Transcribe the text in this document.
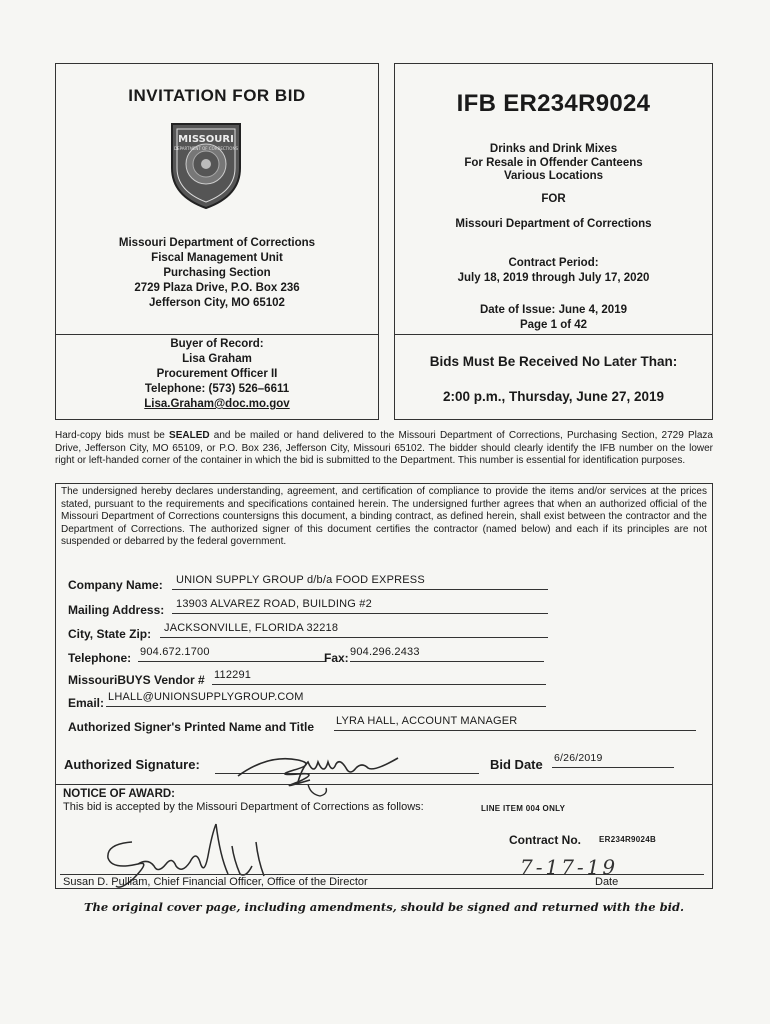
INVITATION FOR BID
MISSOURI
DEPARTMENT OF CORRECTIONS
Missouri Department of Corrections
Fiscal Management Unit
Purchasing Section
2729 Plaza Drive, P.O. Box 236
Jefferson City, MO 65102
Buyer of Record:
Lisa Graham
Procurement Officer II
Telephone: (573) 526–6611
Lisa.Graham@doc.mo.gov
IFB ER234R9024
Drinks and Drink Mixes
For Resale in Offender Canteens
Various Locations
FOR
Missouri Department of Corrections
Contract Period:
July 18, 2019 through July 17, 2020
Date of Issue: June 4, 2019
Page 1 of 42
Bids Must Be Received No Later Than:
2:00 p.m., Thursday, June 27, 2019
Hard-copy bids must be SEALED and be mailed or hand delivered to the Missouri Department of Corrections, Purchasing Section, 2729 Plaza Drive, Jefferson City, MO 65109, or P.O. Box 236, Jefferson City, Missouri 65102. The bidder should clearly identify the IFB number on the lower right or left-handed corner of the container in which the bid is submitted to the Department. This number is essential for identification purposes.
The undersigned hereby declares understanding, agreement, and certification of compliance to provide the items and/or services at the prices stated, pursuant to the requirements and specifications contained herein. The undersigned further agrees that when an authorized official of the Missouri Department of Corrections countersigns this document, a binding contract, as defined herein, shall exist between the contractor and the Department of Corrections. The authorized signer of this document certifies the contractor (named below) and each if its principles are not suspended or debarred by the federal government.
Company Name:	UNION SUPPLY GROUP d/b/a FOOD EXPRESS
Mailing Address:	13903 ALVAREZ ROAD, BUILDING #2
City, State Zip:	JACKSONVILLE, FLORIDA 32218
Telephone: 904.672.1700	Fax: 904.296.2433
MissouriBUYS Vendor # 112291
Email: LHALL@UNIONSUPPLYGROUP.COM
Authorized Signer's Printed Name and Title LYRA HALL, ACCOUNT MANAGER
Authorized Signature:	Bid Date 6/26/2019
NOTICE OF AWARD:
This bid is accepted by the Missouri Department of Corrections as follows:	LINE ITEM 004 ONLY
Contract No. ER234R9024B
7-17-19
Susan D. Pulliam, Chief Financial Officer, Office of the Director	Date
The original cover page, including amendments, should be signed and returned with the bid.
